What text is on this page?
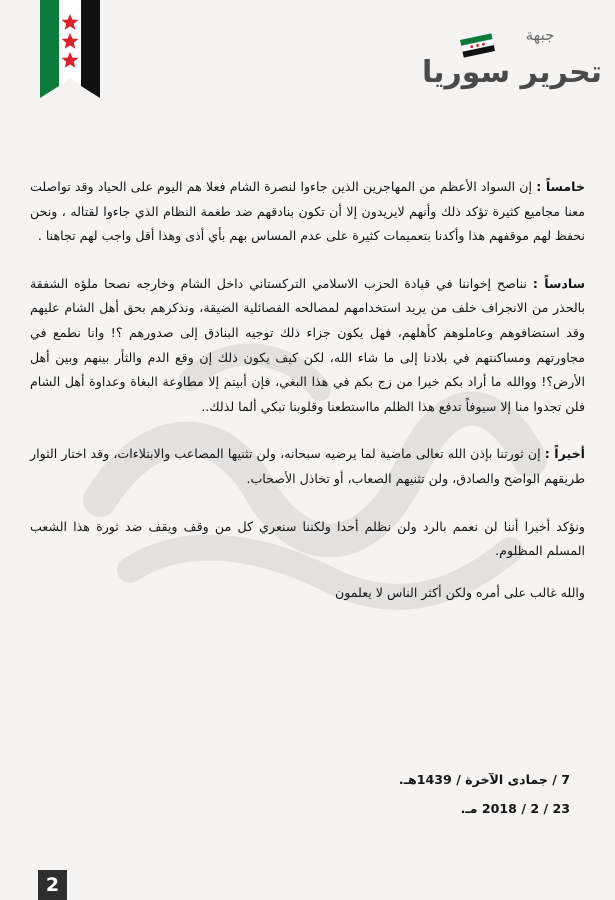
جبهة
تحرير سوريا

خامساً : إن السواد الأعظم من المهاجرين الذين جاءوا لنصرة الشام فعلا هم اليوم على الحياد وقد تواصلت معنا مجاميع كثيرة تؤكد ذلك وأنهم لايريدون إلا أن تكون بنادقهم ضد طغمة النظام الذي جاءوا لقتاله ، ونحن نحفظ لهم موقفهم هذا وأكدنا بتعميمات كثيرة على عدم المساس بهم بأي أذى وهذا أقل واجب لهم تجاهنا .

سادساً : نناصح إخواننا في قيادة الحزب الاسلامي التركستاني داخل الشام وخارجه نصحا ملؤه الشفقة بالحذر من الانجراف خلف من يريد استخدامهم لمصالحه الفصائلية الضيقة، ونذكرهم بحق أهل الشام عليهم وقد استضافوهم وعاملوهم كأهلهم، فهل يكون جزاء ذلك توجيه البنادق إلى صدورهم ؟! وانا نطمع في مجاورتهم ومساكنتهم في بلادنا إلى ما شاء الله، لكن كيف يكون ذلك إن وقع الدم والثأر بينهم وبين أهل الأرض؟! ووالله ما أراد بكم خيرا من زج بكم في هذا البغي، فإن أبيتم إلا مطاوعة البغاة وعداوة أهل الشام فلن تجدوا منا إلا سيوفاً تدفع هذا الظلم مااستطعنا وقلوبنا تبكي ألما لذلك..

أخيراً : إن ثورتنا بإذن الله تعالى ماضية لما يرضيه سبحانه، ولن تثنيها المصاعب والابتلاءات، وقد اختار الثوار طريقهم الواضح والصادق، ولن تثنيهم الصعاب، أو تخاذل الأصحاب.

ونؤكد أخيرا أننا لن نعمم بالرد ولن نظلم أحدا ولكننا سنعري كل من وقف ويقف ضد ثورة هذا الشعب المسلم المظلوم.

والله غالب على أمره ولكن أكثر الناس لا يعلمون

7 / جمادى الآخرة / 1439هـ.
23 / 2 / 2018 مـ.
2
